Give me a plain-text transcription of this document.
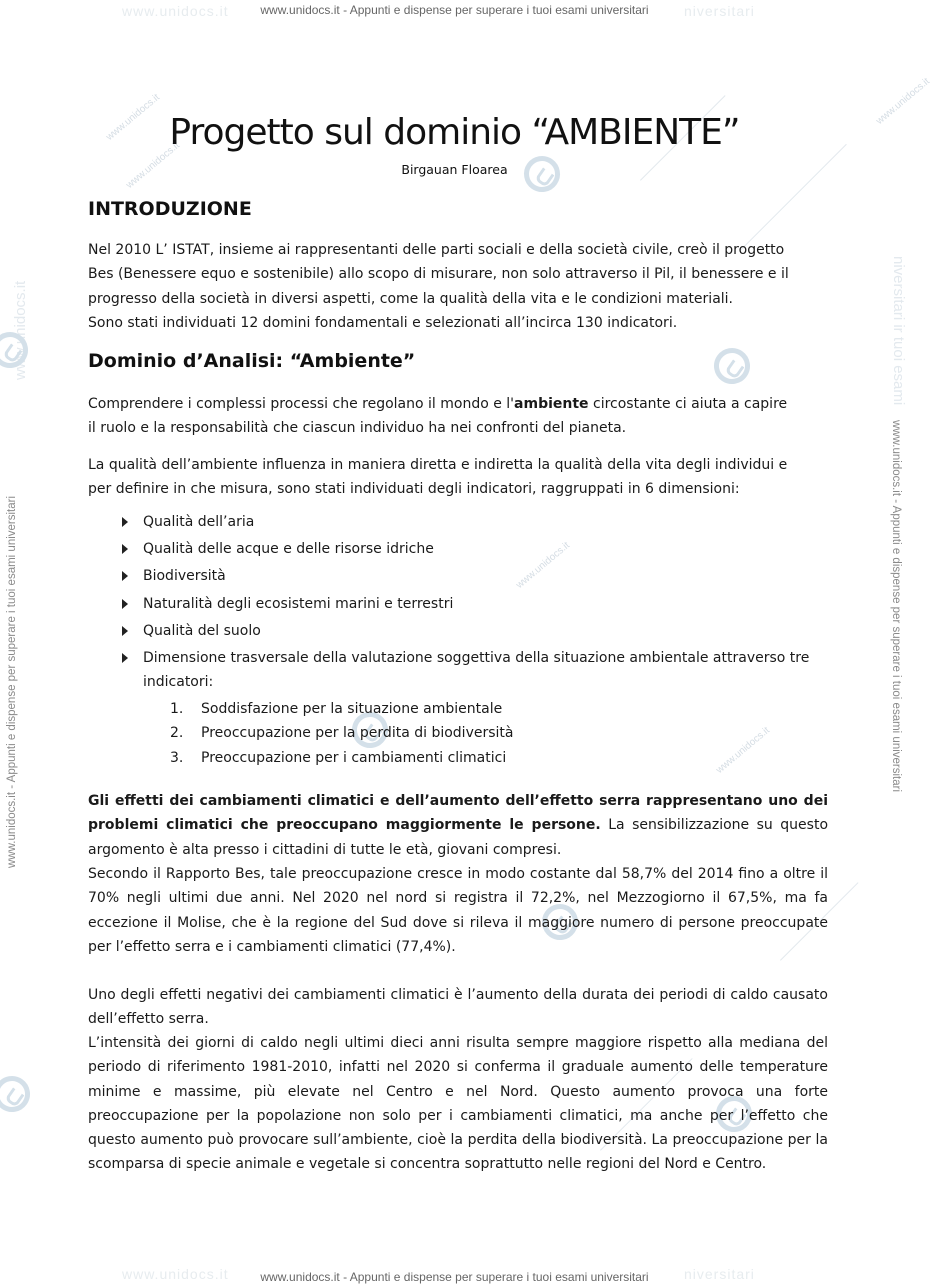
www.unidocs.it	niversitari
www.unidocs.it - Appunti e dispense per superare i tuoi esami universitari
www.unidocs.it	niversitari
www.unidocs.it - Appunti e dispense per superare i tuoi esami universitari
www.unidocs.it
www.unidocs.it - Appunti e dispense per superare i tuoi esami universitari	www.unidocs.it - Appunti e dispense per superare i tuoi esami universitari
niversitari ir tuoi esami
www.unidocs.it
www.unidocs.it
www.unidocs.it
www.unidocs.it
www.unidocs.it
Progetto sul dominio “AMBIENTE”
Birgauan Floarea
INTRODUZIONE
Nel 2010 L’ ISTAT, insieme ai rappresentanti delle parti sociali e della società civile, creò il progetto
Bes (Benessere equo e sostenibile) allo scopo di misurare, non solo attraverso il Pil, il benessere e il
progresso della società in diversi aspetti, come la qualità della vita e le condizioni materiali.
Sono stati individuati 12 domini fondamentali e selezionati all’incirca 130 indicatori.
Dominio d’Analisi: “Ambiente”
Comprendere i complessi processi che regolano il mondo e l'ambiente circostante ci aiuta a capire
il ruolo e la responsabilità che ciascun individuo ha nei confronti del pianeta.
La qualità dell’ambiente influenza in maniera diretta e indiretta la qualità della vita degli individui e
per definire in che misura, sono stati individuati degli indicatori, raggruppati in 6 dimensioni:
Qualità dell’aria
Qualità delle acque e delle risorse idriche
Biodiversità
Naturalità degli ecosistemi marini e terrestri
Qualità del suolo
Dimensione trasversale della valutazione soggettiva della situazione ambientale attraverso tre indicatori:
1. Soddisfazione per la situazione ambientale
2. Preoccupazione per la perdita di biodiversità
3. Preoccupazione per i cambiamenti climatici
Gli effetti dei cambiamenti climatici e dell’aumento dell’effetto serra rappresentano uno dei problemi climatici che preoccupano maggiormente le persone. La sensibilizzazione su questo argomento è alta presso i cittadini di tutte le età, giovani compresi.
Secondo il Rapporto Bes, tale preoccupazione cresce in modo costante dal 58,7% del 2014 fino a oltre il 70% negli ultimi due anni. Nel 2020 nel nord si registra il 72,2%, nel Mezzogiorno il 67,5%, ma fa eccezione il Molise, che è la regione del Sud dove si rileva il maggiore numero di persone preoccupate per l’effetto serra e i cambiamenti climatici (77,4%).
Uno degli effetti negativi dei cambiamenti climatici è l’aumento della durata dei periodi di caldo causato dell’effetto serra.
L’intensità dei giorni di caldo negli ultimi dieci anni risulta sempre maggiore rispetto alla mediana del periodo di riferimento 1981-2010, infatti nel 2020 si conferma il graduale aumento delle temperature minime e massime, più elevate nel Centro e nel Nord. Questo aumento provoca una forte preoccupazione per la popolazione non solo per i cambiamenti climatici, ma anche per l’effetto che questo aumento può provocare sull’ambiente, cioè la perdita della biodiversità. La preoccupazione per la scomparsa di specie animale e vegetale si concentra soprattutto nelle regioni del Nord e Centro.
